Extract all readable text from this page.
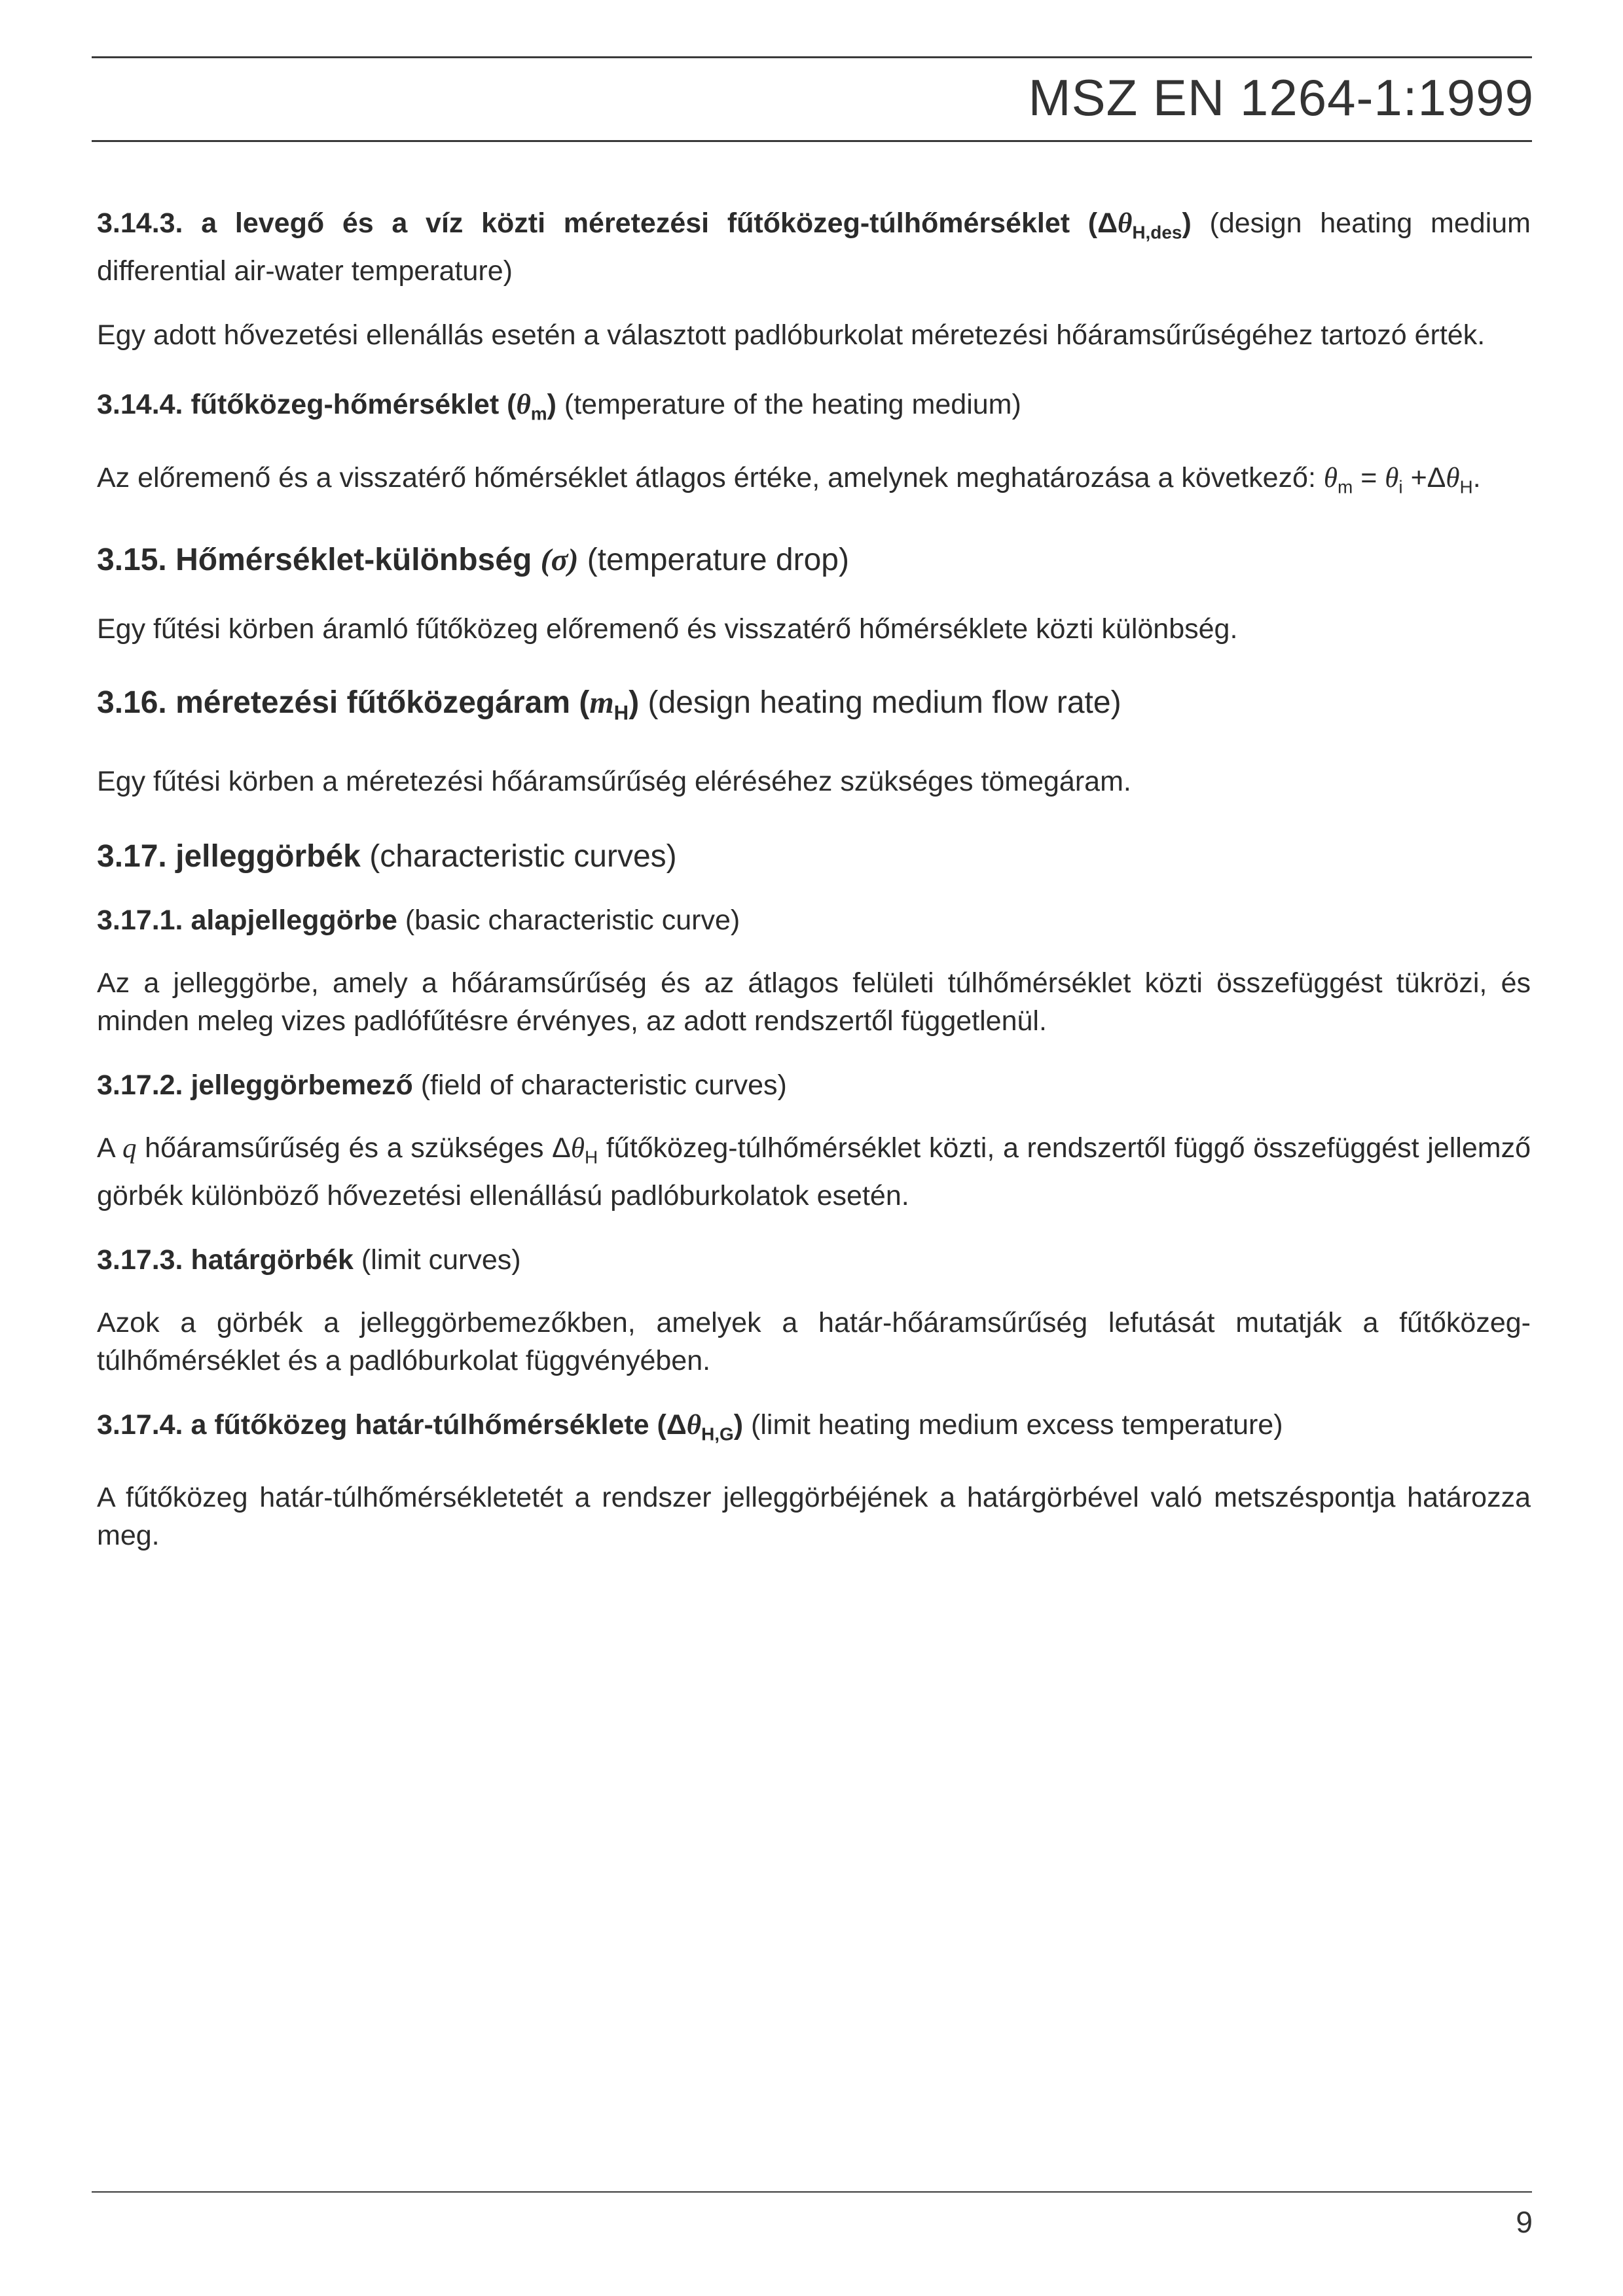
MSZ EN 1264-1:1999

3.14.3. a levegő és a víz közti méretezési fűtőközeg-túlhőmérséklet $(\Delta\theta_{H,des})$ (design heating medium differential air-water temperature)

Egy adott hővezetési ellenállás esetén a választott padlóburkolat méretezési hőáramsűrűségéhez tartozó érték.

3.14.4. fűtőközeg-hőmérséklet $(\theta_m)$ (temperature of the heating medium)

Az előremenő és a visszatérő hőmérséklet átlagos értéke, amelynek meghatározása a következő: $\theta_m = \theta_i +\Delta\theta_H$.

3.15. Hőmérséklet-különbség (σ) (temperature drop)

Egy fűtési körben áramló fűtőközeg előremenő és visszatérő hőmérséklete közti különbség.

3.16. méretezési fűtőközegáram $(m_H)$ (design heating medium flow rate)

Egy fűtési körben a méretezési hőáramsűrűség eléréséhez szükséges tömegáram.

3.17. jelleggörbék (characteristic curves)

3.17.1. alapjelleggörbe (basic characteristic curve)

Az a jelleggörbe, amely a hőáramsűrűség és az átlagos felületi túlhőmérséklet közti összefüggést tükrözi, és minden meleg vizes padlófűtésre érvényes, az adott rendszertől függetlenül.

3.17.2. jelleggörbemező (field of characteristic curves)

A q hőáramsűrűség és a szükséges $\Delta\theta_H$ fűtőközeg-túlhőmérséklet közti, a rendszertől függő összefüggést jellemző görbék különböző hővezetési ellenállású padlóburkolatok esetén.

3.17.3. határgörbék (limit curves)

Azok a görbék a jelleggörbemezőkben, amelyek a határ-hőáramsűrűség lefutását mutatják a fűtőközeg-túlhőmérséklet és a padlóburkolat függvényében.

3.17.4. a fűtőközeg határ-túlhőmérséklete $(\Delta\theta_{H,G})$ (limit heating medium excess temperature)

A fűtőközeg határ-túlhőmérsékletetét a rendszer jelleggörbéjének a határgörbével való metszéspontja határozza meg.

9
